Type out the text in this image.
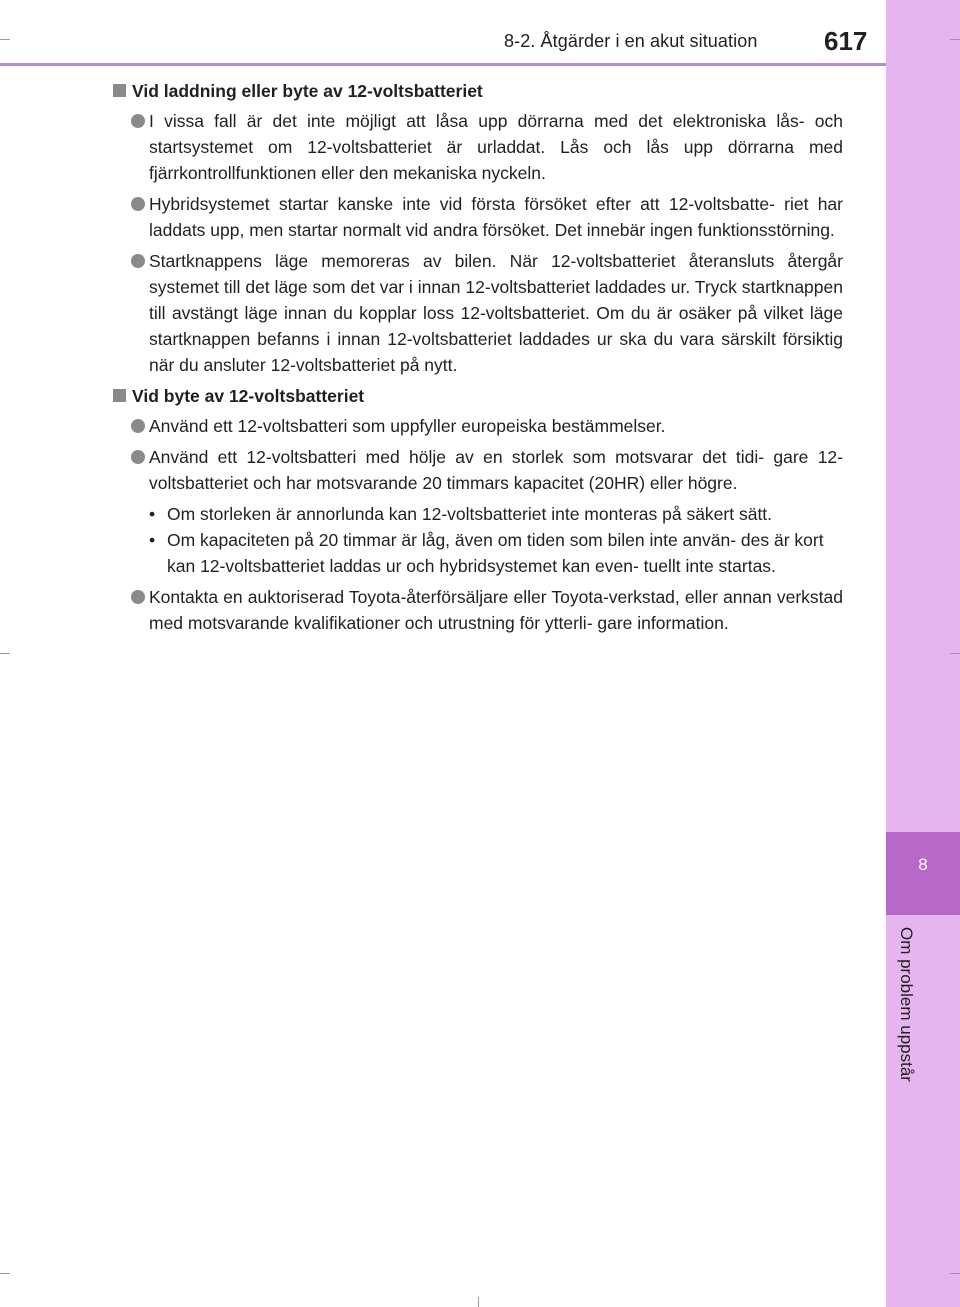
8-2. Åtgärder i en akut situation	617
8
Om problem uppstår
Vid laddning eller byte av 12-voltsbatteriet
I vissa fall är det inte möjligt att låsa upp dörrarna med det elektroniska lås- och startsystemet om 12-voltsbatteriet är urladdat. Lås och lås upp dörrarna med fjärrkontrollfunktionen eller den mekaniska nyckeln.
Hybridsystemet startar kanske inte vid första försöket efter att 12-voltsbatte- riet har laddats upp, men startar normalt vid andra försöket. Det innebär ingen funktionsstörning.
Startknappens läge memoreras av bilen. När 12-voltsbatteriet återansluts återgår systemet till det läge som det var i innan 12-voltsbatteriet laddades ur. Tryck startknappen till avstängt läge innan du kopplar loss 12-voltsbatteriet. Om du är osäker på vilket läge startknappen befanns i innan 12-voltsbatteriet laddades ur ska du vara särskilt försiktig när du ansluter 12-voltsbatteriet på nytt.
Vid byte av 12-voltsbatteriet
Använd ett 12-voltsbatteri som uppfyller europeiska bestämmelser.
Använd ett 12-voltsbatteri med hölje av en storlek som motsvarar det tidi- gare 12-voltsbatteriet och har motsvarande 20 timmars kapacitet (20HR) eller högre.
• Om storleken är annorlunda kan 12-voltsbatteriet inte monteras på säkert sätt.
• Om kapaciteten på 20 timmar är låg, även om tiden som bilen inte använ- des är kort kan 12-voltsbatteriet laddas ur och hybridsystemet kan even- tuellt inte startas.
Kontakta en auktoriserad Toyota-återförsäljare eller Toyota-verkstad, eller annan verkstad med motsvarande kvalifikationer och utrustning för ytterli- gare information.
